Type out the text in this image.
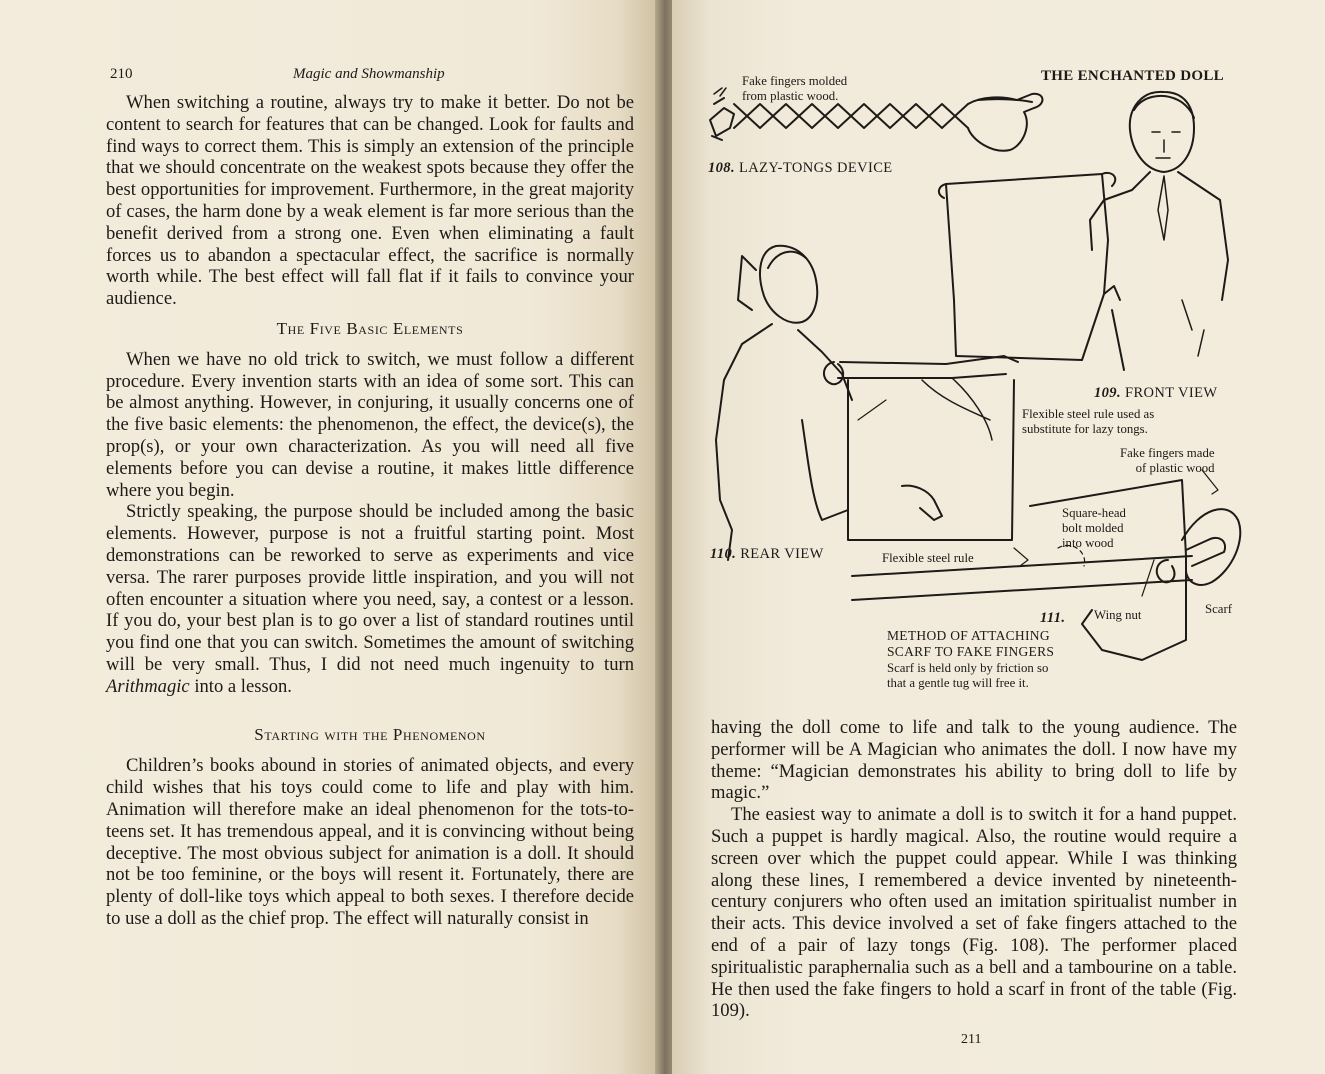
210	Magic and Showmanship

When switching a routine, always try to make it better. Do not be content to search for features that can be changed. Look for faults and find ways to correct them. This is simply an extension of the principle that we should concentrate on the weakest spots because they offer the best opportunities for improvement. Furthermore, in the great majority of cases, the harm done by a weak element is far more serious than the benefit derived from a strong one. Even when eliminating a fault forces us to abandon a spectacular effect, the sacrifice is normally worth while. The best effect will fall flat if it fails to convince your audience.

The Five Basic Elements

When we have no old trick to switch, we must follow a different procedure. Every invention starts with an idea of some sort. This can be almost anything. However, in conjuring, it usually concerns one of the five basic elements: the phenomenon, the effect, the device(s), the prop(s), or your own characterization. As you will need all five elements before you can devise a routine, it makes little difference where you begin.

Strictly speaking, the purpose should be included among the basic elements. However, purpose is not a fruitful starting point. Most demonstrations can be reworked to serve as experiments and vice versa. The rarer purposes provide little inspiration, and you will not often encounter a situation where you need, say, a contest or a lesson. If you do, your best plan is to go over a list of standard routines until you find one that you can switch. Sometimes the amount of switching will be very small. Thus, I did not need much ingenuity to turn Arithmagic into a lesson.

Starting with the Phenomenon

Children’s books abound in stories of animated objects, and every child wishes that his toys could come to life and play with him. Animation will therefore make an ideal phenomenon for the tots-to-teens set. It has tremendous appeal, and it is convincing without being deceptive. The most obvious subject for animation is a doll. It should not be too feminine, or the boys will resent it. Fortunately, there are plenty of doll-like toys which appeal to both sexes. I therefore decide to use a doll as the chief prop. The effect will naturally consist in

THE ENCHANTED DOLL
Fake fingers molded
from plastic wood.
108. LAZY-TONGS DEVICE
109. FRONT VIEW
Flexible steel rule used as
substitute for lazy tongs.
110. REAR VIEW
Fake fingers made
of plastic wood
Square-head
bolt molded
into wood
Flexible steel rule
Wing nut	Scarf
111.
METHOD OF ATTACHING
SCARF TO FAKE FINGERS
Scarf is held only by friction so
that a gentle tug will free it.

having the doll come to life and talk to the young audience. The performer will be A Magician who animates the doll. I now have my theme: “Magician demonstrates his ability to bring doll to life by magic.”

The easiest way to animate a doll is to switch it for a hand puppet. Such a puppet is hardly magical. Also, the routine would require a screen over which the puppet could appear. While I was thinking along these lines, I remembered a device invented by nineteenth-century conjurers who often used an imitation spiritualist number in their acts. This device involved a set of fake fingers attached to the end of a pair of lazy tongs (Fig. 108). The performer placed spiritualistic paraphernalia such as a bell and a tambourine on a table. He then used the fake fingers to hold a scarf in front of the table (Fig. 109).

211
